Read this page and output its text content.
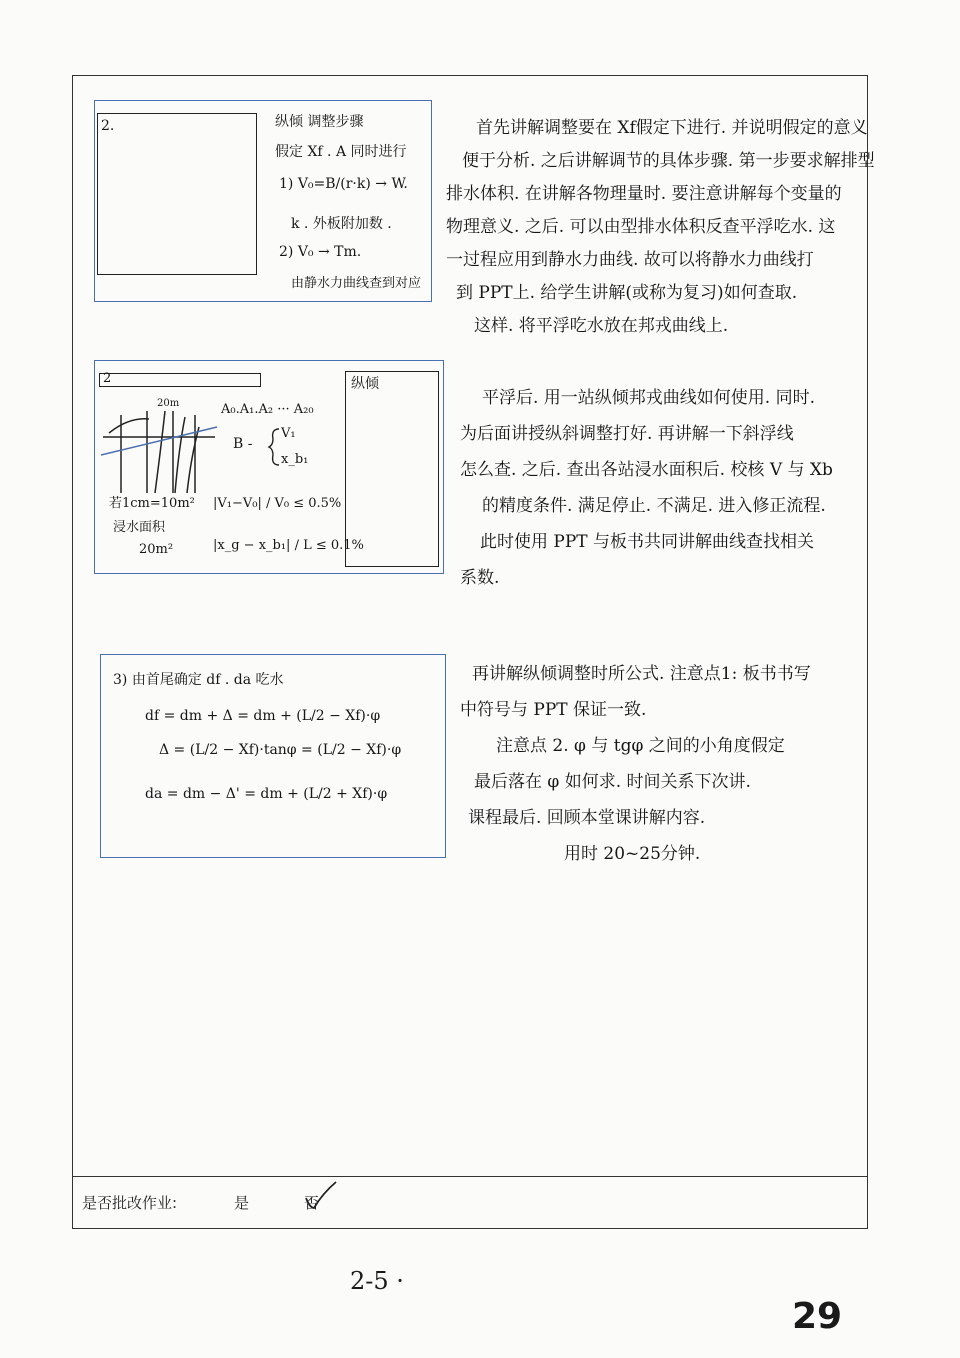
2.	纵倾 调整步骤
假定 Xf . A 同时进行
1) V₀=B/(r·k) → W.
k . 外板附加数 .
2) V₀ → Tm.
由静水力曲线查到对应
2	纵倾
20m	A₀.A₁.A₂ ··· A₂₀
B -
V₁
x_b₁
若1cm=10m²
浸水面积
20m²
|V₁−V₀| / V₀ ≤ 0.5%
|x_g − x_b₁| / L ≤ 0.1%
3) 由首尾确定 df . da 吃水
df = dm + Δ = dm + (L/2 − Xf)·φ
Δ = (L/2 − Xf)·tanφ = (L/2 − Xf)·φ
da = dm − Δ' = dm + (L/2 + Xf)·φ

首先讲解调整要在 Xf假定下进行. 并说明假定的意义

便于分析. 之后讲解调节的具体步骤. 第一步要求解排型

排水体积. 在讲解各物理量时. 要注意讲解每个变量的

物理意义. 之后. 可以由型排水体积反查平浮吃水. 这

一过程应用到静水力曲线. 故可以将静水力曲线打

到 PPT上. 给学生讲解(或称为复习)如何查取.

这样. 将平浮吃水放在邦戎曲线上.

平浮后. 用一站纵倾邦戎曲线如何使用. 同时.

为后面讲授纵斜调整打好. 再讲解一下斜浮线

怎么查. 之后. 查出各站浸水面积后. 校核 V 与 Xb

的精度条件. 满足停止. 不满足. 进入修正流程.

此时使用 PPT 与板书共同讲解曲线查找相关

系数.

再讲解纵倾调整时所公式. 注意点1: 板书书写

中符号与 PPT 保证一致.

注意点 2. φ 与 tgφ 之间的小角度假定

最后落在 φ 如何求. 时间关系下次讲.

课程最后. 回顾本堂课讲解内容.

用时 20~25分钟.

是否批改作业:	是	否
2-5 ·
29
